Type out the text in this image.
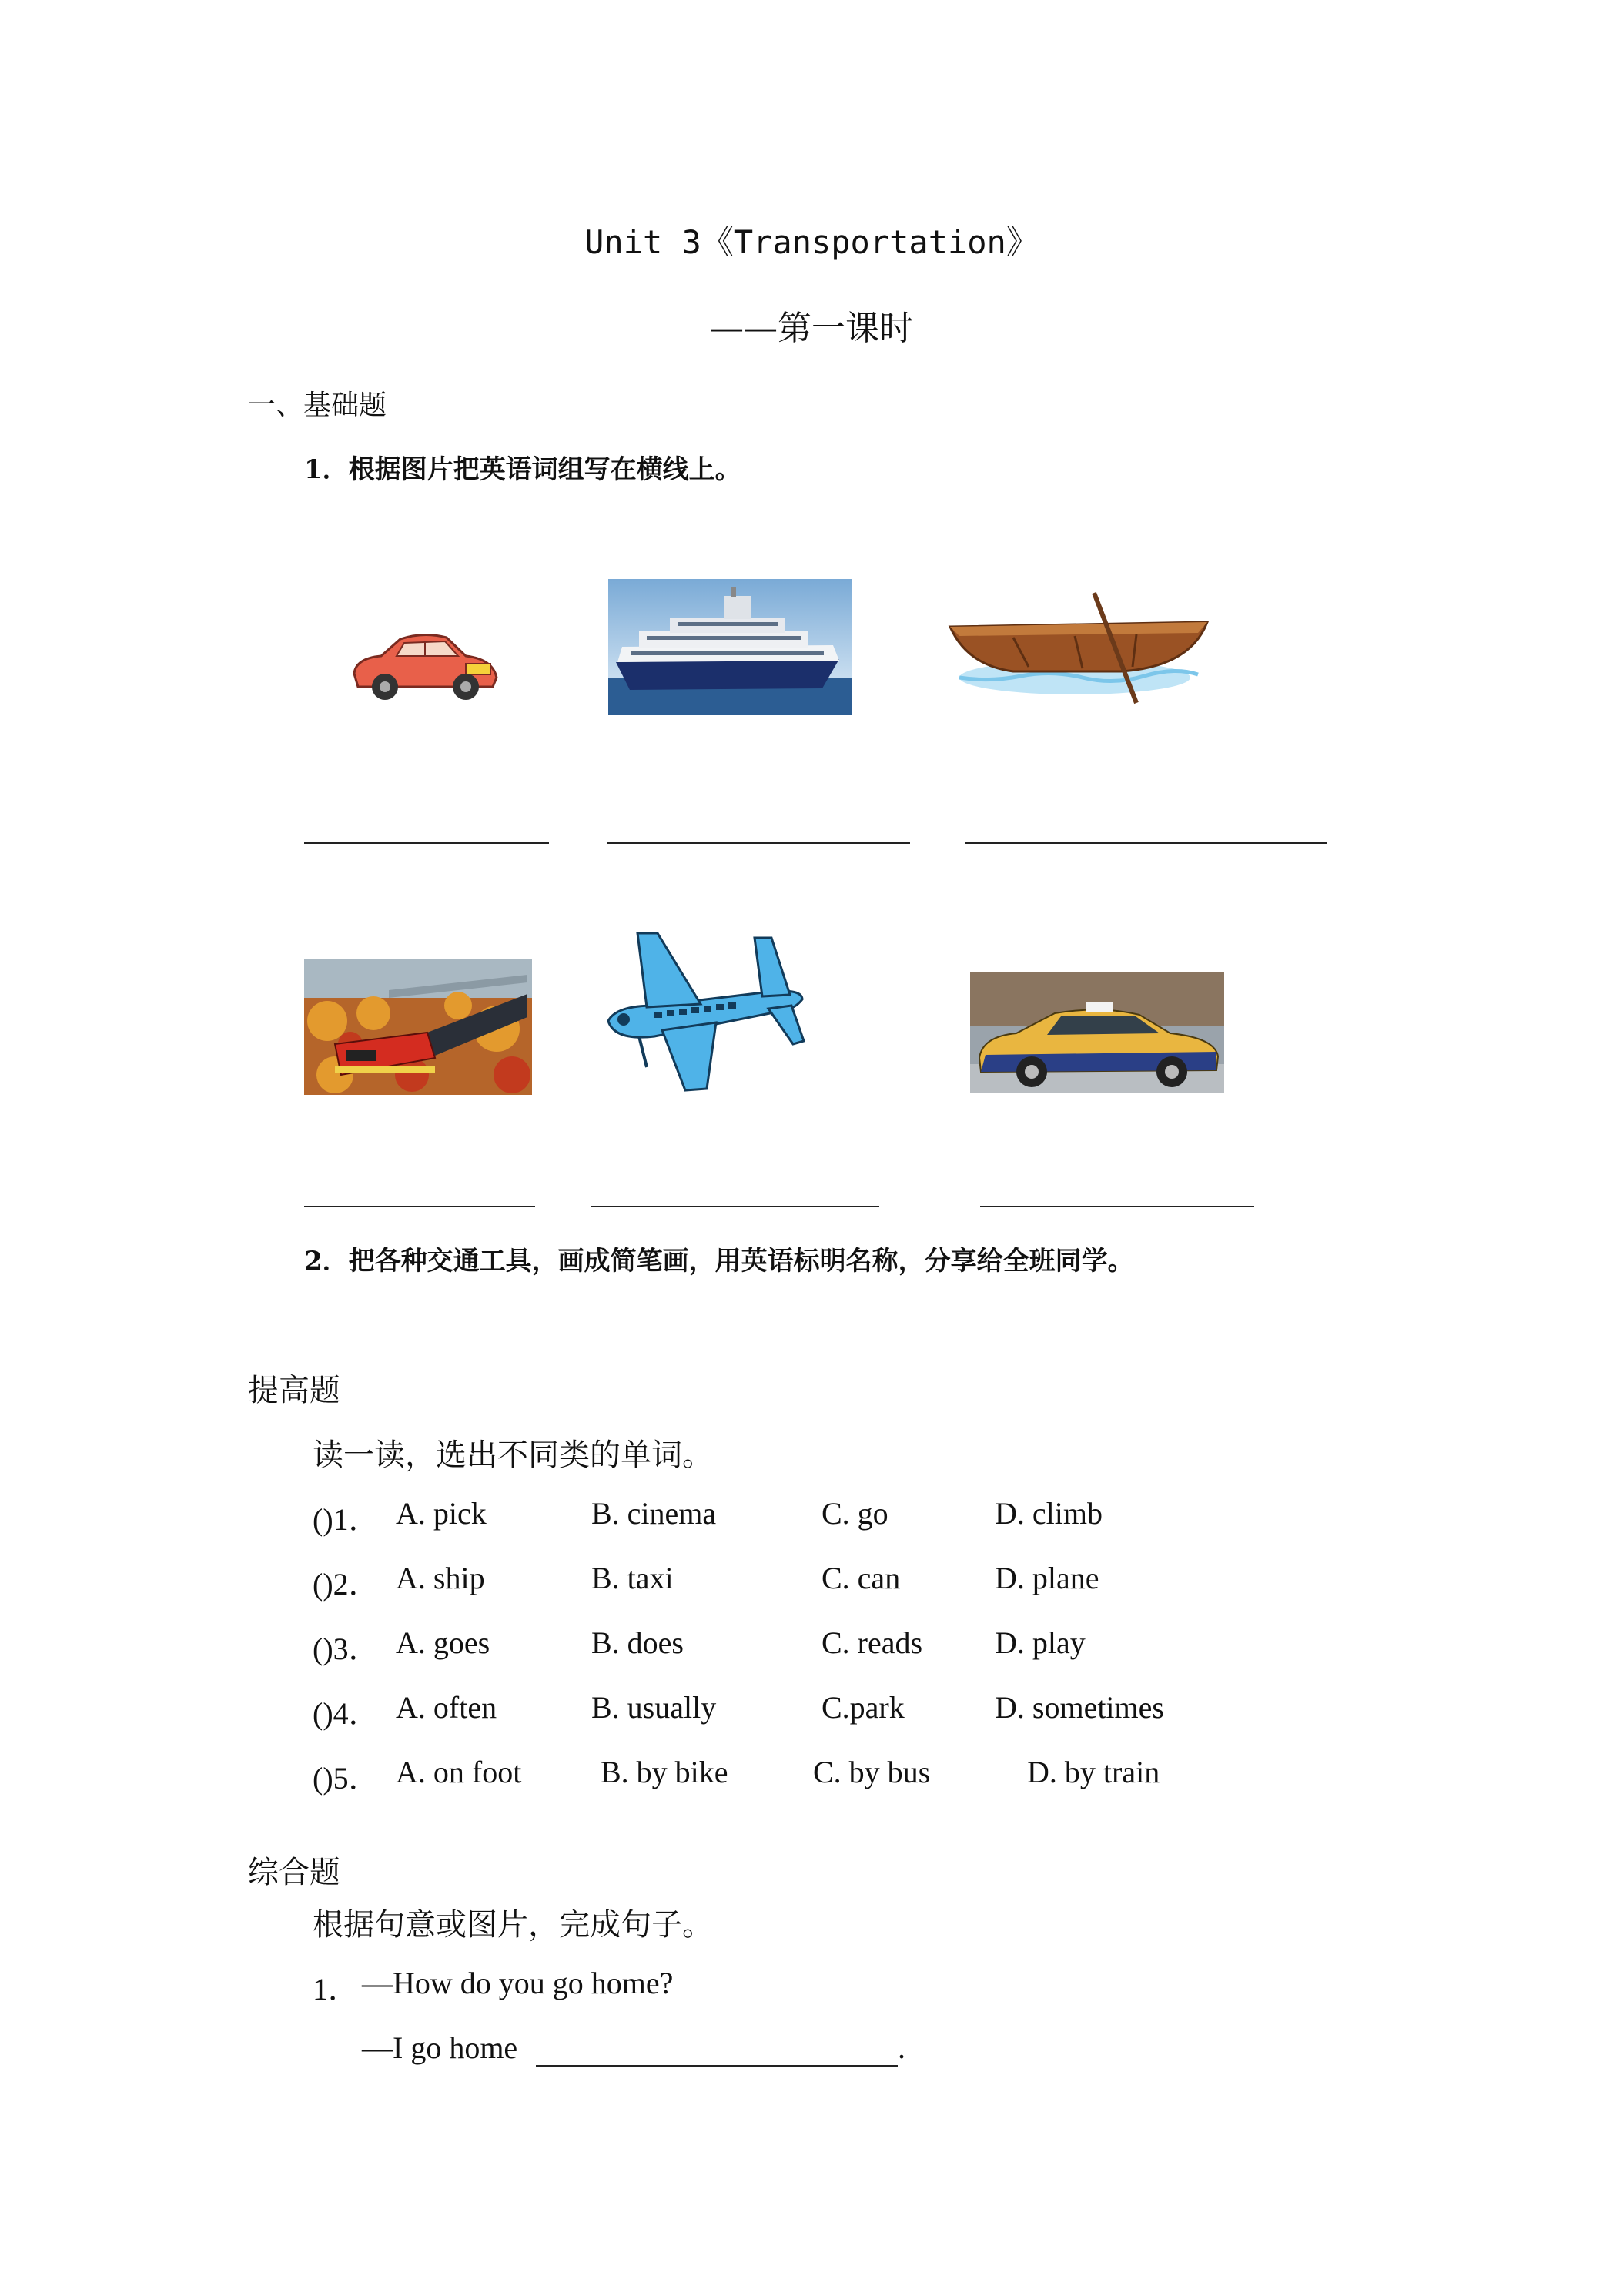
Unit 3《Transportation》
——第一课时
一、基础题
1．根据图片把英语词组写在横线上。
2．把各种交通工具，画成简笔画，用英语标明名称，分享给全班同学。
提高题
读一读，选出不同类的单词。
()1． A. pick	B. cinema	C. go	D. climb
()2． A. ship	B. taxi	C. can	D. plane
()3． A. goes	B. does	C. reads D. play
()4． A. often	B. usually	C.park	D. sometimes
()5． A. on foot	B. by bike	C. by bus	D. by train
综合题
根据句意或图片，完成句子。
1． —How do you go home?
—I go home	.
